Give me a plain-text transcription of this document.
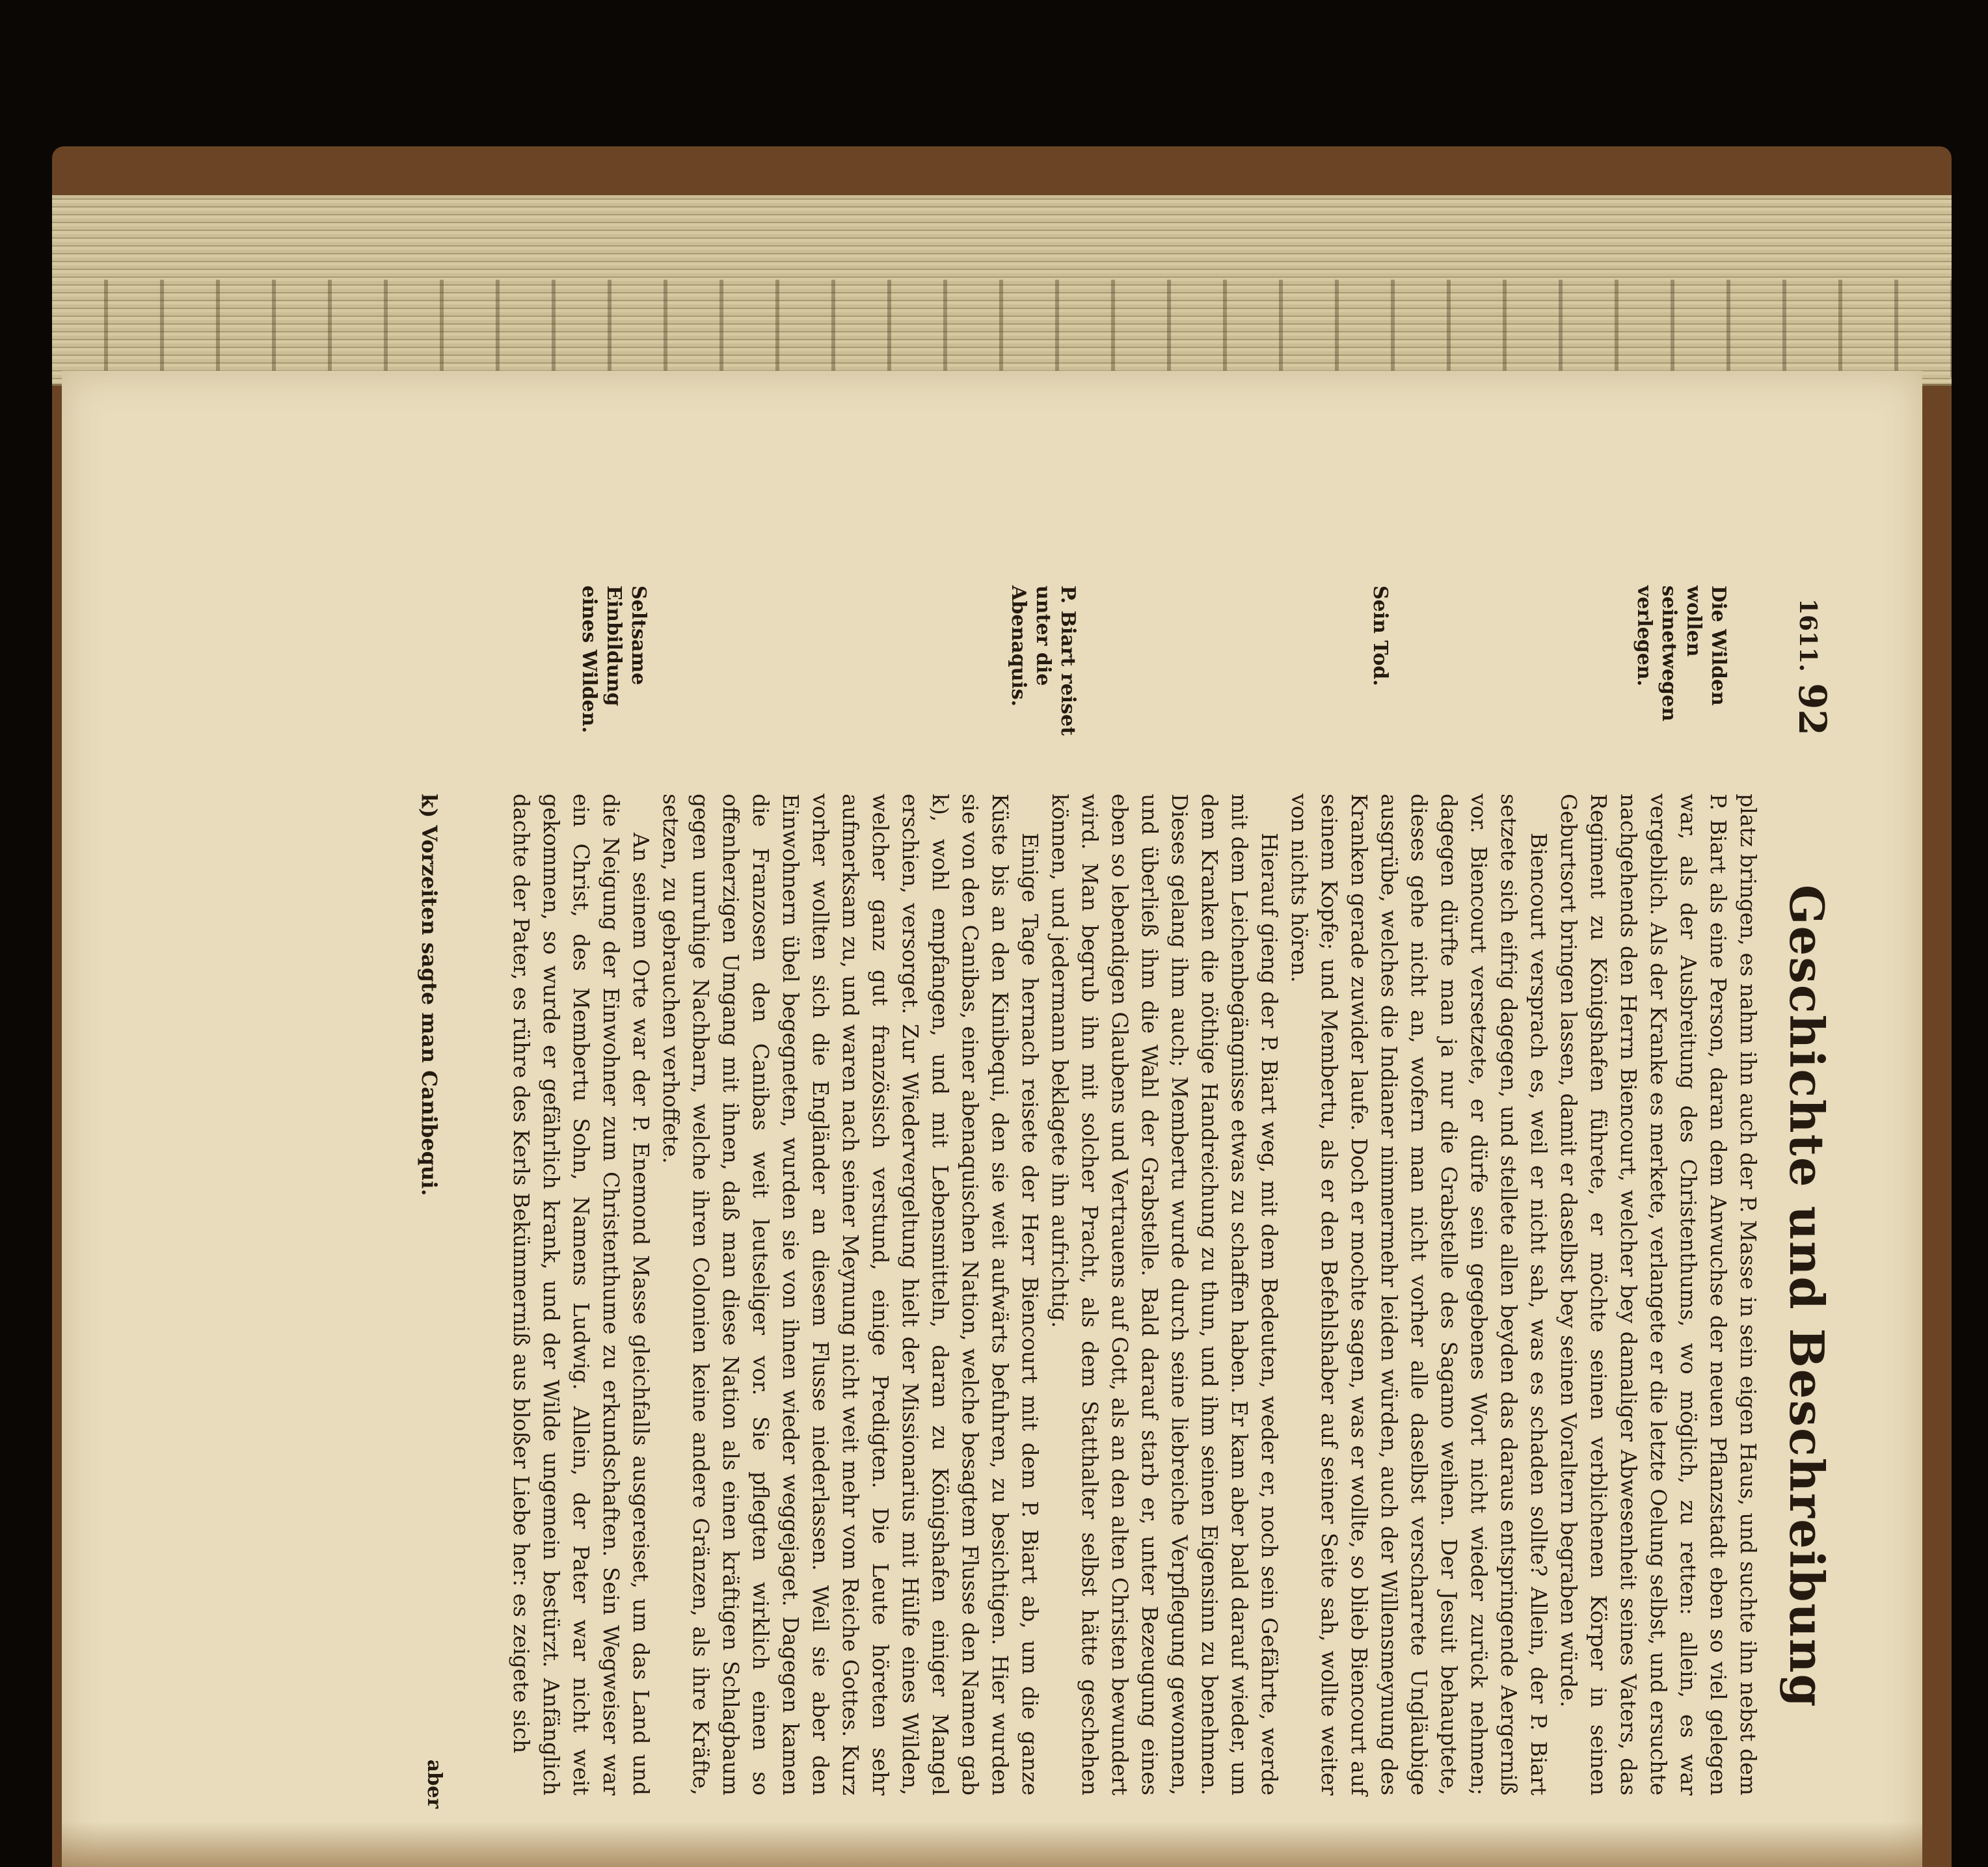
1611.
92
Geschichte und Beschreibung
Die Wilden wollen seinetwegen verlegen.
Sein Tod.
P. Biart reiset unter die Abenaquis.
Seltsame Einbildung eines Wilden.

platz bringen, es nahm ihn auch der P. Masse in sein eigen Haus, und suchte ihn nebst dem P. Biart als eine Person, daran dem Anwuchse der neuen Pflanzstadt eben so viel gelegen war, als der Ausbreitung des Christenthums, wo möglich, zu retten: allein, es war vergeblich. Als der Kranke es merkete, verlangete er die letzte Oelung selbst, und ersuchte nachgehends den Herrn Biencourt, welcher bey damaliger Abwesenheit seines Vaters, das Regiment zu Königshafen führete, er möchte seinen verblichenen Körper in seinen Geburtsort bringen lassen, damit er daselbst bey seinen Voraltern begraben würde.

Biencourt versprach es, weil er nicht sah, was es schaden sollte? Allein, der P. Biart setzete sich eifrig dagegen, und stellete allen beyden das daraus entspringende Aergerniß vor. Biencourt versetzete, er dürfe sein gegebenes Wort nicht wieder zurück nehmen; dagegen dürfte man ja nur die Grabstelle des Sagamo weihen. Der Jesuit behauptete, dieses gehe nicht an, wofern man nicht vorher alle daselbst verscharrete Ungläubige ausgrübe, welches die Indianer nimmermehr leiden würden, auch der Willensmeynung des Kranken gerade zuwider laufe. Doch er mochte sagen, was er wollte, so blieb Biencourt auf seinem Kopfe; und Membertu, als er den Befehlshaber auf seiner Seite sah, wollte weiter von nichts hören.

Hierauf gieng der P. Biart weg, mit dem Bedeuten, weder er, noch sein Gefährte, werde mit dem Leichenbegängnisse etwas zu schaffen haben. Er kam aber bald darauf wieder, um dem Kranken die nöthige Handreichung zu thun, und ihm seinen Eigensinn zu benehmen. Dieses gelang ihm auch; Membertu wurde durch seine liebreiche Verpflegung gewonnen, und überließ ihm die Wahl der Grabstelle. Bald darauf starb er, unter Bezeugung eines eben so lebendigen Glaubens und Vertrauens auf Gott, als an den alten Christen bewundert wird. Man begrub ihn mit solcher Pracht, als dem Statthalter selbst hätte geschehen können, und jedermann beklagete ihn aufrichtig.

Einige Tage hernach reisete der Herr Biencourt mit dem P. Biart ab, um die ganze Küste bis an den Kinibequi, den sie weit aufwärts befuhren, zu besichtigen. Hier wurden sie von den Canibas, einer abenaquischen Nation, welche besagtem Flusse den Namen gab k), wohl empfangen, und mit Lebensmitteln, daran zu Königshafen einiger Mangel erschien, versorget. Zur Wiedervergeltung hielt der Missionarius mit Hülfe eines Wilden, welcher ganz gut französisch verstund, einige Predigten. Die Leute höreten sehr aufmerksam zu, und waren nach seiner Meynung nicht weit mehr vom Reiche Gottes. Kurz vorher wollten sich die Engländer an diesem Flusse niederlassen. Weil sie aber den Einwohnern übel begegneten, wurden sie von ihnen wieder weggejaget. Dagegen kamen die Franzosen den Canibas weit leutseliger vor. Sie pflegten wirklich einen so offenherzigen Umgang mit ihnen, daß man diese Nation als einen kräftigen Schlagbaum gegen unruhige Nachbarn, welche ihren Colonien keine andere Gränzen, als ihre Kräfte, setzen, zu gebrauchen verhoffete.

An seinem Orte war der P. Enemond Masse gleichfalls ausgereiset, um das Land und die Neigung der Einwohner zum Christenthume zu erkundschaften. Sein Wegweiser war ein Christ, des Membertu Sohn, Namens Ludwig. Allein, der Pater war nicht weit gekommen, so wurde er gefährlich krank, und der Wilde ungemein bestürzt. Anfänglich dachte der Pater, es rühre des Kerls Bekümmerniß aus bloßer Liebe her: es zeigete sich

k) Vorzeiten sagte man Canibequi.
aber
